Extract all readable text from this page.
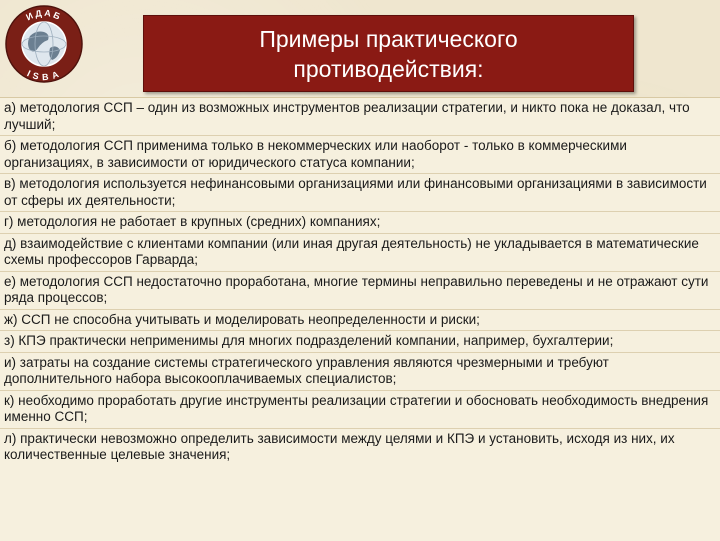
ИДАБ
ISBA
Примеры практического
противодействия:

а) методология ССП – один из возможных инструментов реализации стратегии, и никто пока не доказал, что лучший;

б) методология ССП применима только в некоммерческих или наоборот - только в коммерческими организациях, в зависимости от юридического статуса компании;

в) методология используется нефинансовыми организациями или финансовыми организациями в зависимости от сферы их деятельности;

г) методология не работает в крупных (средних) компаниях;

д) взаимодействие с клиентами компании (или иная другая деятельность) не укладывается в математические схемы профессоров Гарварда;

е) методология ССП недостаточно проработана, многие термины неправильно переведены и не отражают сути ряда процессов;

ж) ССП не способна учитывать и моделировать неопределенности и риски;

з) КПЭ практически неприменимы для многих подразделений компании, например, бухгалтерии;

и) затраты на создание системы стратегического управления являются чрезмерными и требуют дополнительного набора высокооплачиваемых специалистов;

к) необходимо проработать другие инструменты реализации стратегии и обосновать необходимость внедрения именно ССП;

л) практически невозможно определить зависимости между целями и КПЭ и установить, исходя из них, их количественные целевые значения;
